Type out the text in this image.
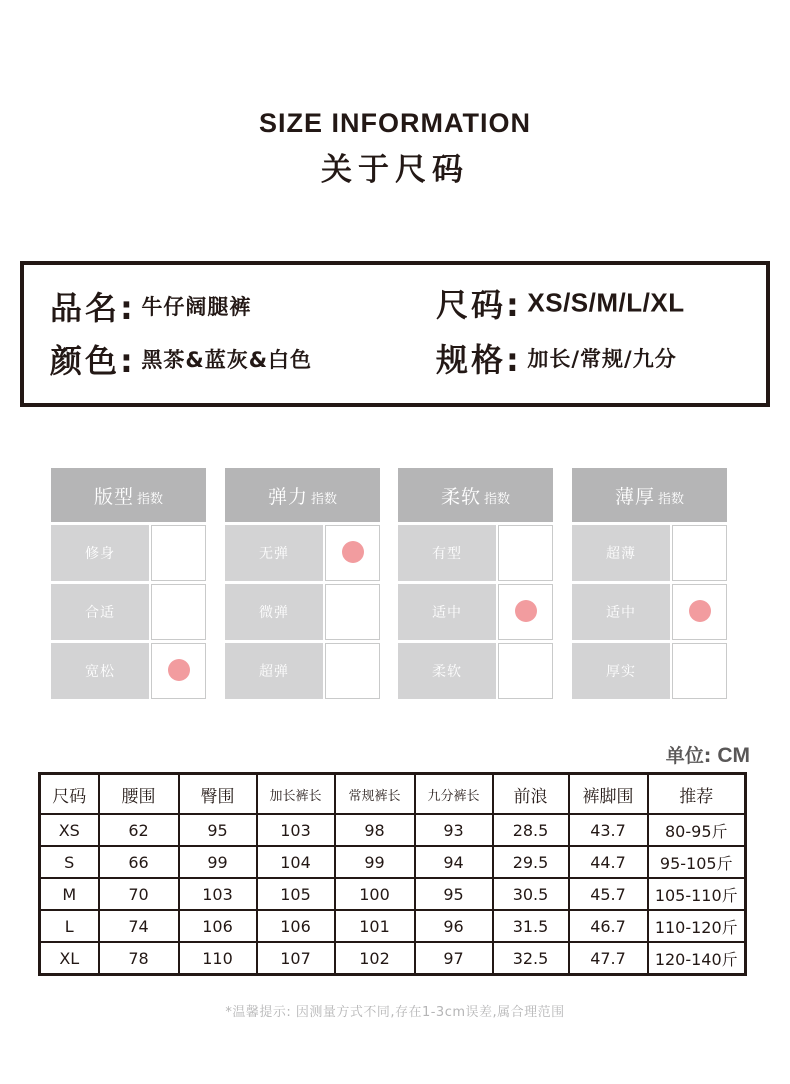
SIZE INFORMATION
关于尺码
品名: 牛仔阔腿裤
颜色: 黑茶&蓝灰&白色
尺码: XS/S/M/L/XL
规格: 加长/常规/九分
版型 指数
修身
合适
宽松
弹力 指数
无弹
微弹
超弹
柔软 指数
有型
适中
柔软
薄厚 指数
超薄
适中
厚实
单位: CM
尺码	腰围	臀围	加长裤长	常规裤长	九分裤长	前浪	裤脚围	推荐
XS	62	95	103	98	93	28.5	43.7	80-95斤
S	66	99	104	99	94	29.5	44.7	95-105斤
M	70	103	105	100	95	30.5	45.7	105-110斤
L	74	106	106	101	96	31.5	46.7	110-120斤
XL	78	110	107	102	97	32.5	47.7	120-140斤
*温馨提示: 因测量方式不同,存在1-3cm误差,属合理范围
